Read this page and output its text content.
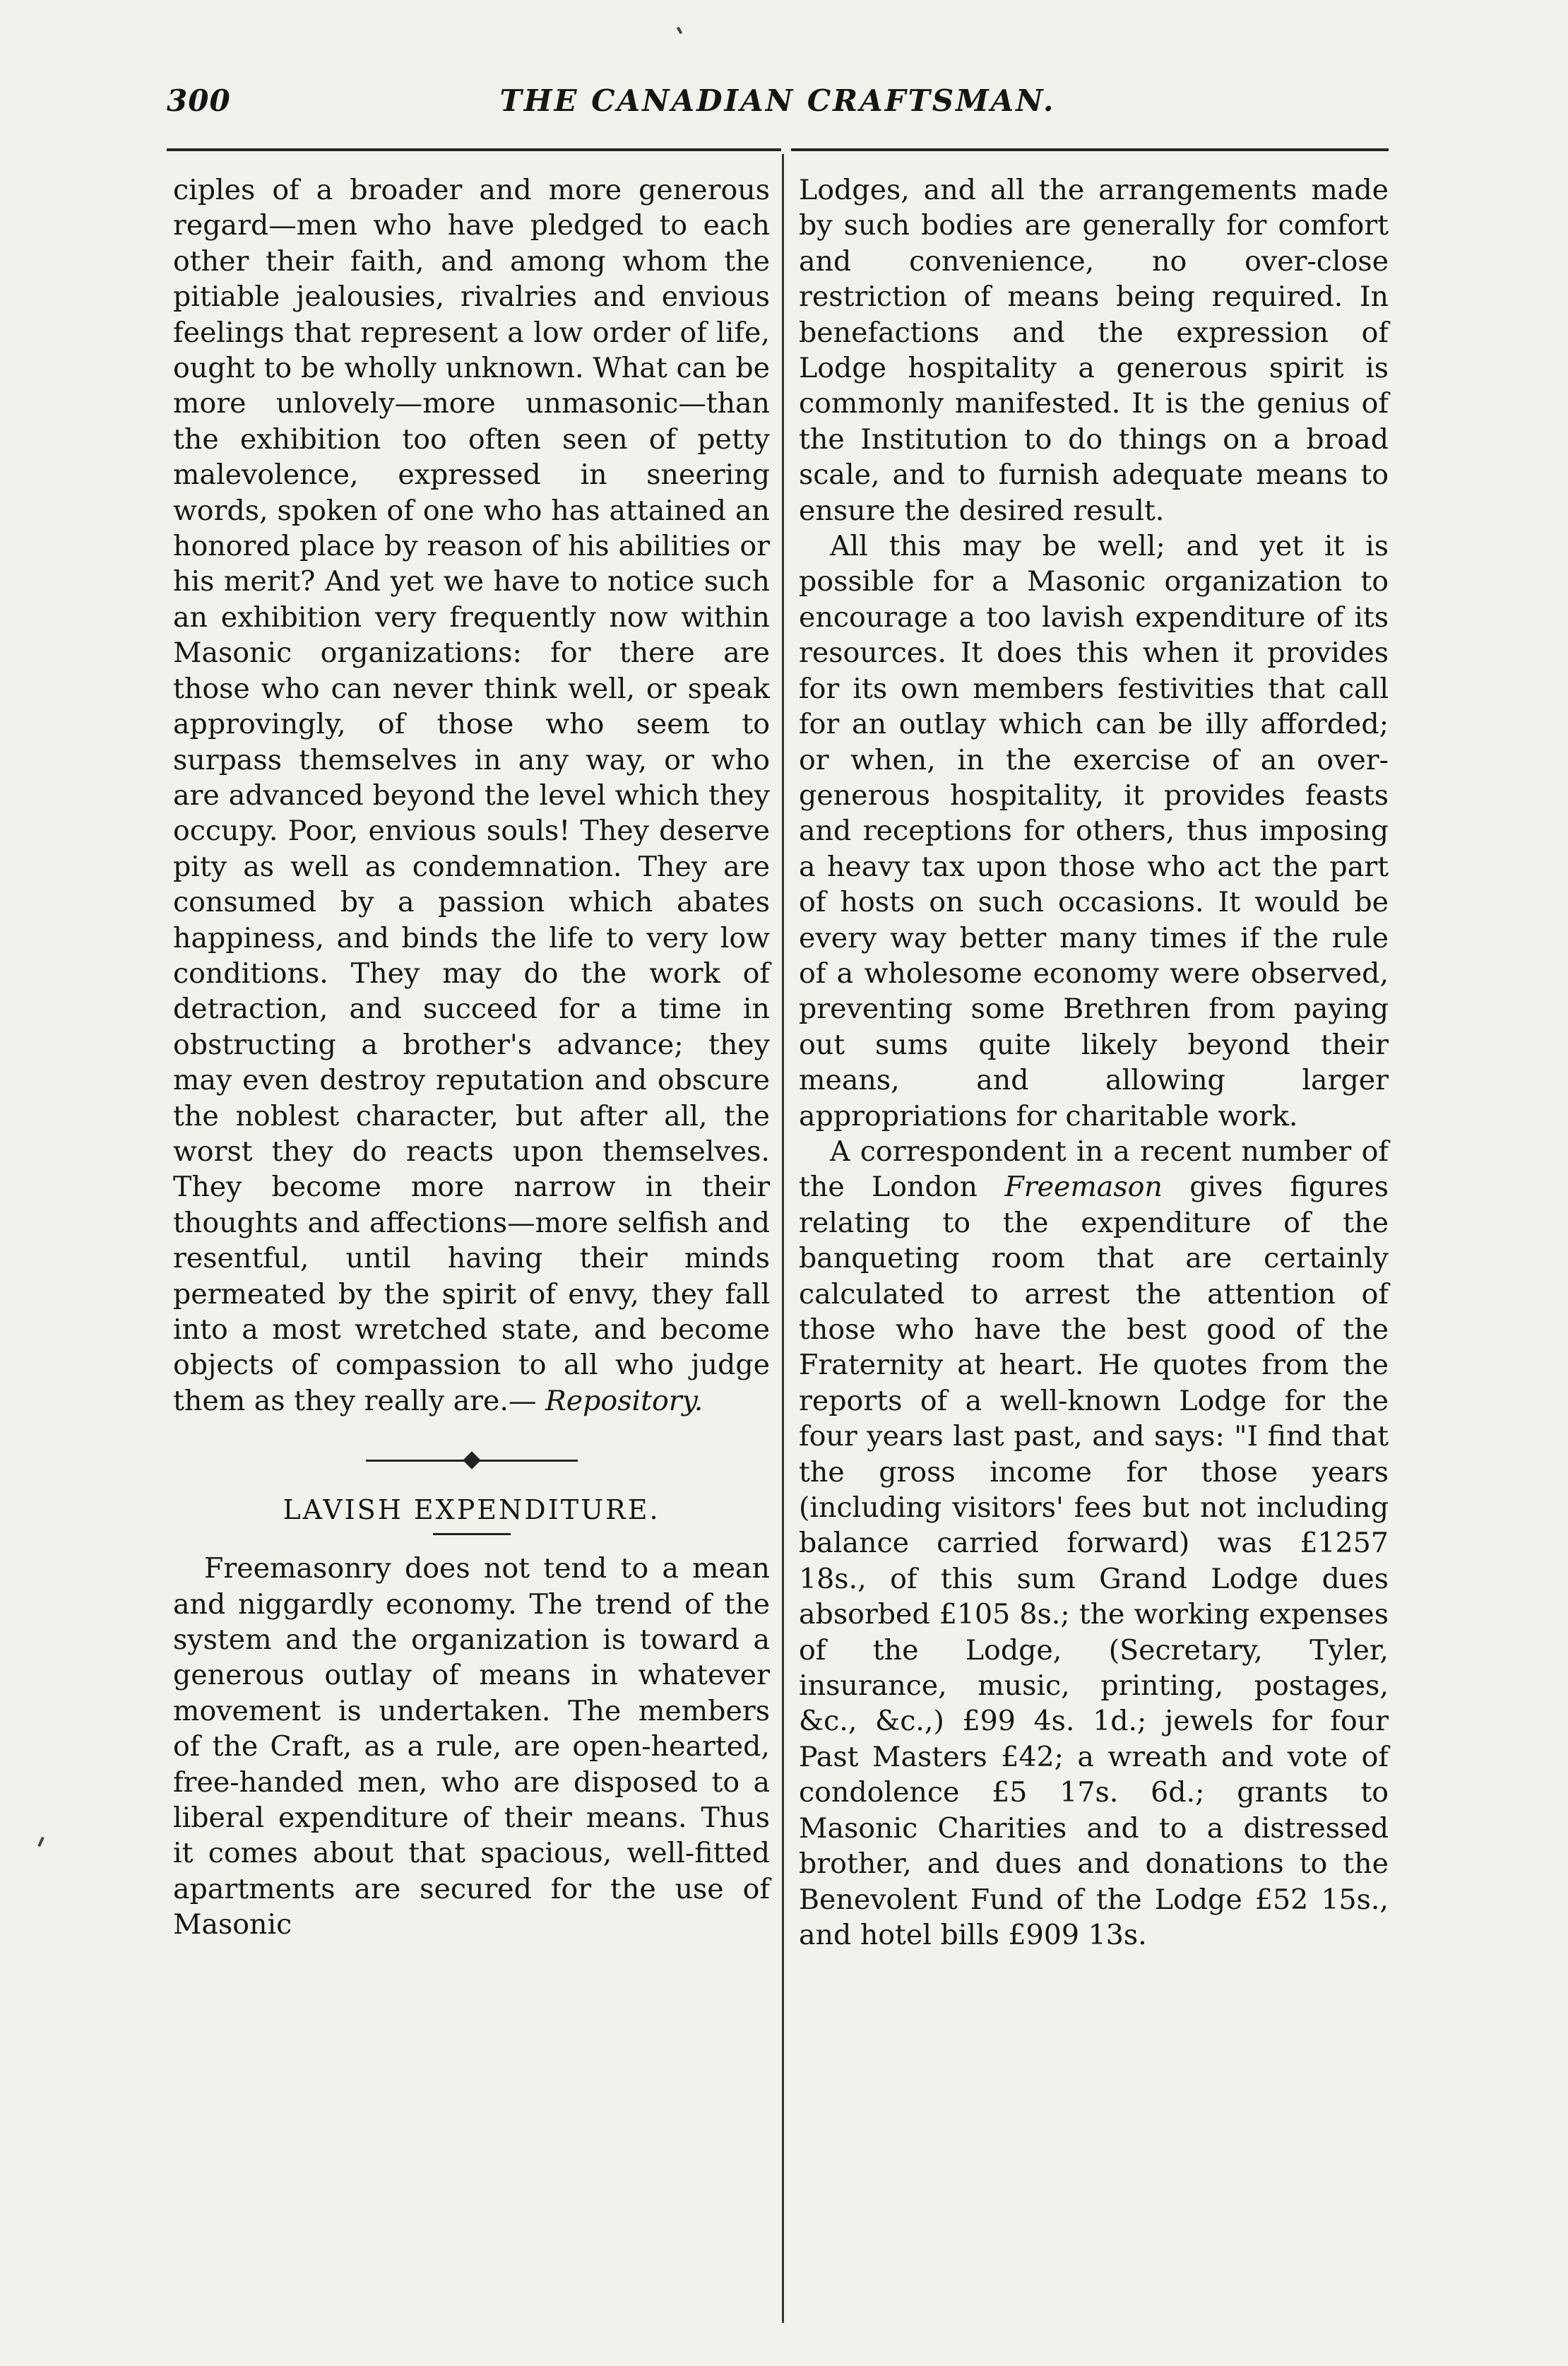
300	THE CANADIAN CRAFTSMAN.

ciples of a broader and more generous regard—men who have pledged to each other their faith, and among whom the pitiable jealousies, rivalries and envious feelings that represent a low order of life, ought to be wholly unknown. What can be more unlovely—more unmasonic—than the exhibition too often seen of petty malevolence, expressed in sneering words, spoken of one who has attained an honored place by reason of his abilities or his merit? And yet we have to notice such an exhibition very frequently now within Masonic organizations: for there are those who can never think well, or speak approvingly, of those who seem to surpass themselves in any way, or who are advanced beyond the level which they occupy. Poor, envious souls! They deserve pity as well as condemnation. They are consumed by a passion which abates happiness, and binds the life to very low conditions. They may do the work of detraction, and succeed for a time in obstructing a brother's advance; they may even destroy reputation and obscure the noblest character, but after all, the worst they do reacts upon themselves. They become more narrow in their thoughts and affections—more selfish and resentful, until having their minds permeated by the spirit of envy, they fall into a most wretched state, and become objects of compassion to all who judge them as they really are.— Repository.

LAVISH EXPENDITURE.

Freemasonry does not tend to a mean and niggardly economy. The trend of the system and the organization is toward a generous outlay of means in whatever movement is undertaken. The members of the Craft, as a rule, are open-hearted, free-handed men, who are disposed to a liberal expenditure of their means. Thus it comes about that spacious, well-fitted apartments are secured for the use of Masonic

Lodges, and all the arrangements made by such bodies are generally for comfort and convenience, no over-close restriction of means being required. In benefactions and the expression of Lodge hospitality a generous spirit is commonly manifested. It is the genius of the Institution to do things on a broad scale, and to furnish adequate means to ensure the desired result.

All this may be well; and yet it is possible for a Masonic organization to encourage a too lavish expenditure of its resources. It does this when it provides for its own members festivities that call for an outlay which can be illy afforded; or when, in the exercise of an over-generous hospitality, it provides feasts and receptions for others, thus imposing a heavy tax upon those who act the part of hosts on such occasions. It would be every way better many times if the rule of a wholesome economy were observed, preventing some Brethren from paying out sums quite likely beyond their means, and allowing larger appropriations for charitable work.

A correspondent in a recent number of the London Freemason gives figures relating to the expenditure of the banqueting room that are certainly calculated to arrest the attention of those who have the best good of the Fraternity at heart. He quotes from the reports of a well-known Lodge for the four years last past, and says: "I find that the gross income for those years (including visitors' fees but not including balance carried forward) was £1257 18s., of this sum Grand Lodge dues absorbed £105 8s.; the working expenses of the Lodge, (Secretary, Tyler, insurance, music, printing, postages, &c., &c.,) £99 4s. 1d.; jewels for four Past Masters £42; a wreath and vote of condolence £5 17s. 6d.; grants to Masonic Charities and to a distressed brother, and dues and donations to the Benevolent Fund of the Lodge £52 15s., and hotel bills £909 13s.
